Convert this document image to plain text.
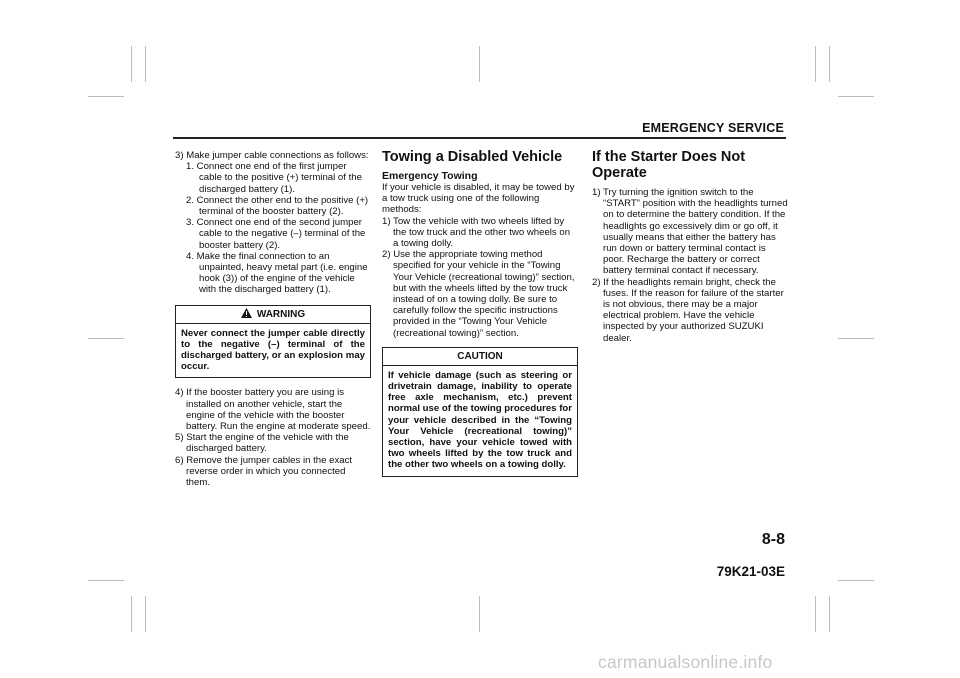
EMERGENCY SERVICE

3) Make jumper cable connections as follows:

1. Connect one end of the first jumper cable to the positive (+) terminal of the discharged battery (1).

2. Connect the other end to the positive (+) terminal of the booster battery (2).

3. Connect one end of the second jumper cable to the negative (–) terminal of the booster battery (2).

4. Make the final connection to an unpainted, heavy metal part (i.e. engine hook (3)) of the engine of the vehicle with the discharged battery (1).

WARNING
Never connect the jumper cable directly to the negative (–) terminal of the discharged battery, or an explosion may occur.

4) If the booster battery you are using is installed on another vehicle, start the engine of the vehicle with the booster battery. Run the engine at moderate speed.

5) Start the engine of the vehicle with the discharged battery.

6) Remove the jumper cables in the exact reverse order in which you connected them.

Towing a Disabled Vehicle

Emergency Towing

If your vehicle is disabled, it may be towed by a tow truck using one of the following methods:

1) Tow the vehicle with two wheels lifted by the tow truck and the other two wheels on a towing dolly.

2) Use the appropriate towing method specified for your vehicle in the “Towing Your Vehicle (recreational towing)” section, but with the wheels lifted by the tow truck instead of on a towing dolly. Be sure to carefully follow the specific instructions provided in the “Towing Your Vehicle (recreational towing)” section.

CAUTION
If vehicle damage (such as steering or drivetrain damage, inability to operate free axle mechanism, etc.) prevent normal use of the towing procedures for your vehicle described in the “Towing Your Vehicle (recreational towing)” section, have your vehicle towed with two wheels lifted by the tow truck and the other two wheels on a towing dolly.

If the Starter Does Not Operate

1) Try turning the ignition switch to the “START” position with the headlights turned on to determine the battery condition. If the headlights go excessively dim or go off, it usually means that either the battery has run down or battery terminal contact is poor. Recharge the battery or correct battery terminal contact if necessary.

2) If the headlights remain bright, check the fuses. If the reason for failure of the starter is not obvious, there may be a major electrical problem. Have the vehicle inspected by your authorized SUZUKI dealer.

8-8
79K21-03E
carmanualsonline.info
